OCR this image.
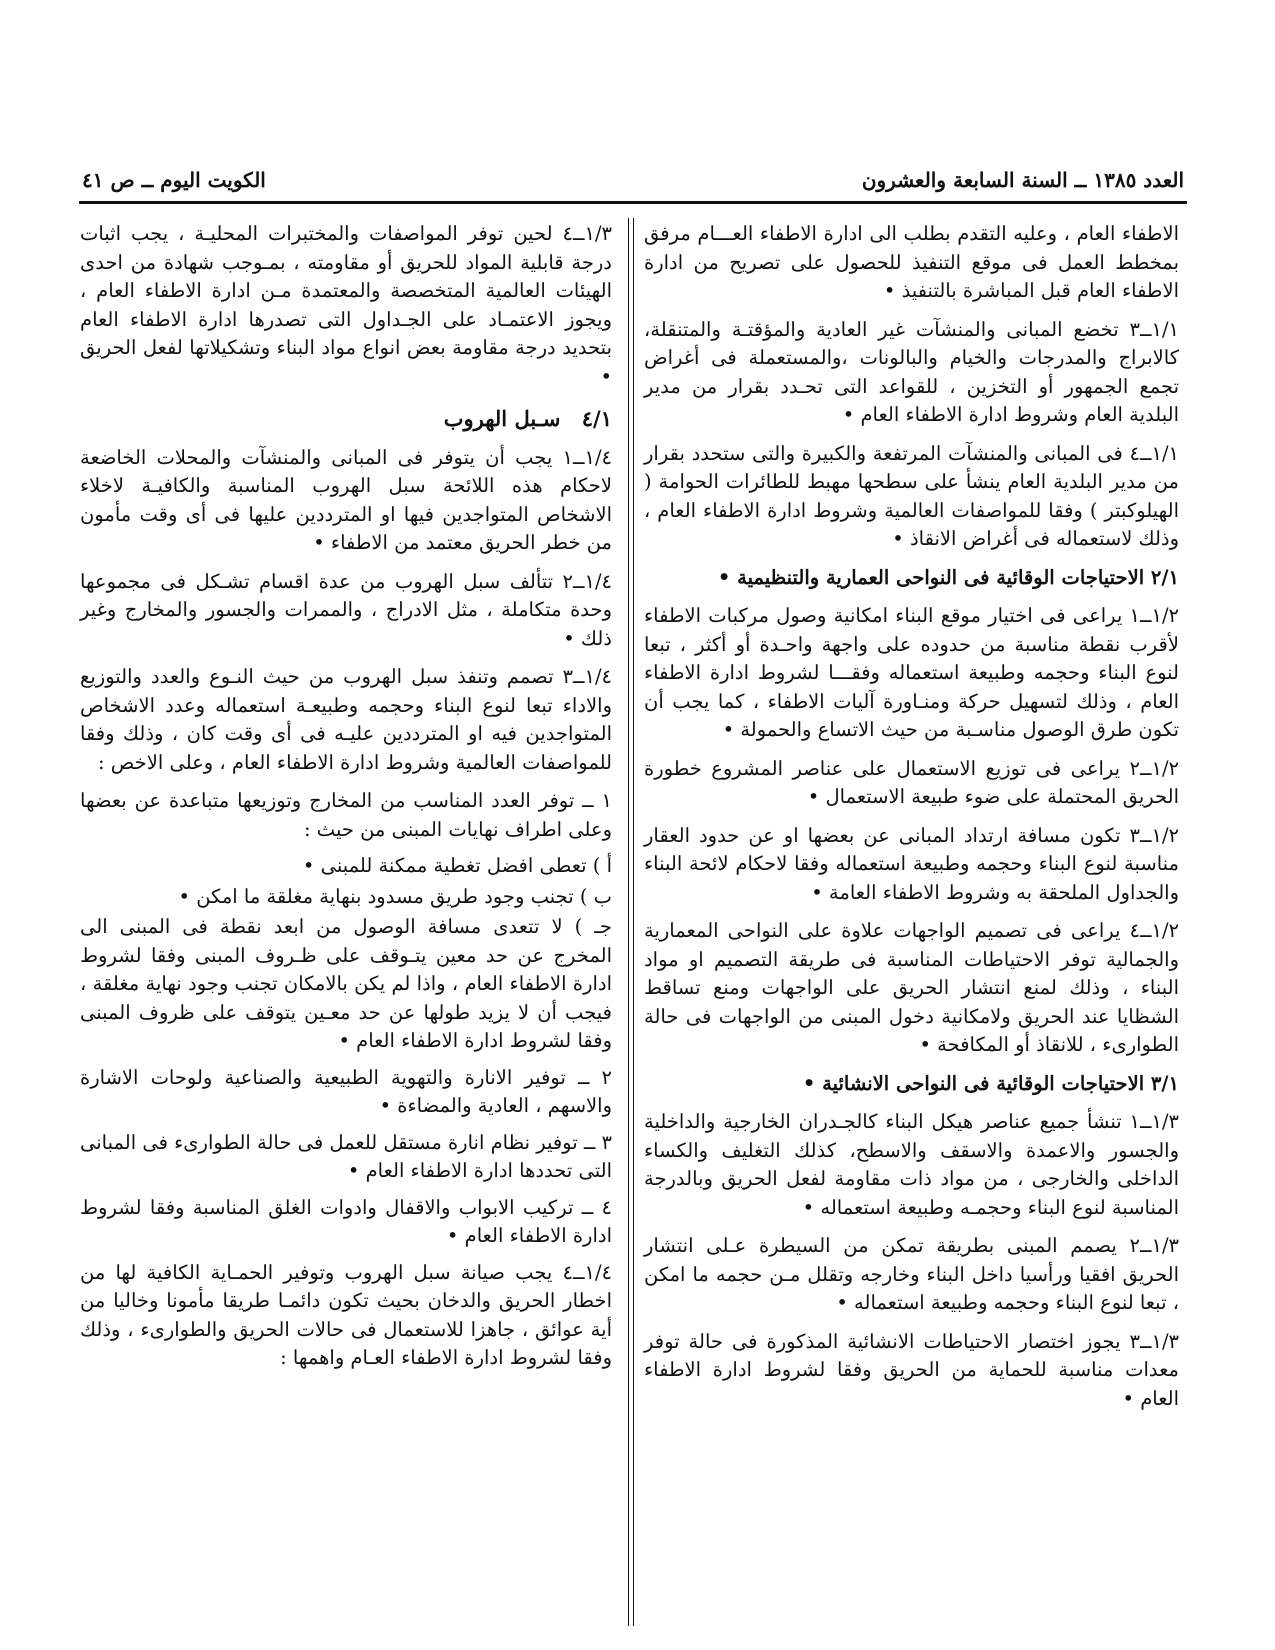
العدد ١٣٨٥ ــ السنة السابعة والعشرون
الكويت اليوم ــ ص ٤١

الاطفاء العام ، وعليه التقدم بطلب الى ادارة الاطفاء العـــام مرفق بمخطط العمل فى موقع التنفيذ للحصول على تصريح من ادارة الاطفاء العام قبل المباشرة بالتنفيذ •

١/١ــ٣ تخضع المبانى والمنشآت غير العادية والمؤقتـة والمتنقلة، كالابراج والمدرجات والخيام والبالونات ،والمستعملة فى أغراض تجمع الجمهور أو التخزين ، للقواعد التى تحـدد بقرار من مدير البلدية العام وشروط ادارة الاطفاء العام •

١/١ــ٤ فى المبانى والمنشآت المرتفعة والكبيرة والتى ستحدد بقرار من مدير البلدية العام ينشأ على سطحها مهبط للطائرات الحوامة ( الهيلوكبتر ) وفقا للمواصفات العالمية وشروط ادارة الاطفاء العام ، وذلك لاستعماله فى أغراض الانقاذ •

٢/١ الاحتياجات الوقائية فى النواحى العمارية والتنظيمية •

١/٢ــ١ يراعى فى اختيار موقع البناء امكانية وصول مركبات الاطفاء لأقرب نقطة مناسبة من حدوده على واجهة واحـدة أو أكثر ، تبعا لنوع البناء وحجمه وطبيعة استعماله وفقـــا لشروط ادارة الاطفاء العام ، وذلك لتسهيل حركة ومنـاورة آليات الاطفاء ، كما يجب أن تكون طرق الوصول مناسـبة من حيث الاتساع والحمولة •

١/٢ــ٢ يراعى فى توزيع الاستعمال على عناصر المشروع خطورة الحريق المحتملة على ضوء طبيعة الاستعمال •

١/٢ــ٣ تكون مسافة ارتداد المبانى عن بعضها او عن حدود العقار مناسبة لنوع البناء وحجمه وطبيعة استعماله وفقا لاحكام لائحة البناء والجداول الملحقة به وشروط الاطفاء العامة •

١/٢ــ٤ يراعى فى تصميم الواجهات علاوة على النواحى المعمارية والجمالية توفر الاحتياطات المناسبة فى طريقة التصميم او مواد البناء ، وذلك لمنع انتشار الحريق على الواجهات ومنع تساقط الشظايا عند الحريق ولامكانية دخول المبنى من الواجهات فى حالة الطوارىء ، للانقاذ أو المكافحة •

٣/١ الاحتياجات الوقائية فى النواحى الانشائية •

١/٣ــ١ تنشأ جميع عناصر هيكل البناء كالجـدران الخارجية والداخلية والجسور والاعمدة والاسقف والاسطح، كذلك التغليف والكساء الداخلى والخارجى ، من مواد ذات مقاومة لفعل الحريق وبالدرجة المناسبة لنوع البناء وحجمـه وطبيعة استعماله •

١/٣ــ٢ يصمم المبنى بطريقة تمكن من السيطرة عـلى انتشار الحريق افقيا ورأسيا داخل البناء وخارجه وتقلل مـن حجمه ما امكن ، تبعا لنوع البناء وحجمه وطبيعة استعماله •

١/٣ــ٣ يجوز اختصار الاحتياطات الانشائية المذكورة فى حالة توفر معدات مناسبة للحماية من الحريق وفقا لشروط ادارة الاطفاء العام •

١/٣ــ٤ لحين توفر المواصفات والمختبرات المحليـة ، يجب اثبات درجة قابلية المواد للحريق أو مقاومته ، بمـوجب شهادة من احدى الهيئات العالمية المتخصصة والمعتمدة مـن ادارة الاطفاء العام ، ويجوز الاعتمـاد على الجـداول التى تصدرها ادارة الاطفاء العام بتحديد درجة مقاومة بعض انواع مواد البناء وتشكيلاتها لفعل الحريق •

٤/١ سـبل الهروب

١/٤ــ١ يجب أن يتوفر فى المبانى والمنشآت والمحلات الخاضعة لاحكام هذه اللائحة سبل الهروب المناسبة والكافيـة لاخلاء الاشخاص المتواجدين فيها او المترددين عليها فى أى وقت مأمون من خطر الحريق معتمد من الاطفاء •

١/٤ــ٢ تتألف سبل الهروب من عدة اقسام تشـكل فى مجموعها وحدة متكاملة ، مثل الادراج ، والممرات والجسور والمخارج وغير ذلك •

١/٤ــ٣ تصمم وتنفذ سبل الهروب من حيث النـوع والعدد والتوزيع والاداء تبعا لنوع البناء وحجمه وطبيعـة استعماله وعدد الاشخاص المتواجدين فيه او المترددين عليـه فى أى وقت كان ، وذلك وفقا للمواصفات العالمية وشروط ادارة الاطفاء العام ، وعلى الاخص :

١ ــ توفر العدد المناسب من المخارج وتوزيعها متباعدة عن بعضها وعلى اطراف نهايات المبنى من حيث :

أ ) تعطى افضل تغطية ممكنة للمبنى •

ب ) تجنب وجود طريق مسدود بنهاية مغلقة ما امكن •

جـ ) لا تتعدى مسافة الوصول من ابعد نقطة فى المبنى الى المخرج عن حد معين يتـوقف على ظـروف المبنى وفقا لشروط ادارة الاطفاء العام ، واذا لم يكن بالامكان تجنب وجود نهاية مغلقة ، فيجب أن لا يزيد طولها عن حد معـين يتوقف على ظروف المبنى وفقا لشروط ادارة الاطفاء العام •

٢ ــ توفير الانارة والتهوية الطبيعية والصناعية ولوحات الاشارة والاسهم ، العادية والمضاءة •

٣ ــ توفير نظام انارة مستقل للعمل فى حالة الطوارىء فى المبانى التى تحددها ادارة الاطفاء العام •

٤ ــ تركيب الابواب والاقفال وادوات الغلق المناسبة وفقا لشروط ادارة الاطفاء العام •

١/٤ــ٤ يجب صيانة سبل الهروب وتوفير الحمـاية الكافية لها من اخطار الحريق والدخان بحيث تكون دائمـا طريقا مأمونا وخاليا من أية عوائق ، جاهزا للاستعمال فى حالات الحريق والطوارىء ، وذلك وفقا لشروط ادارة الاطفاء العـام واهمها :
